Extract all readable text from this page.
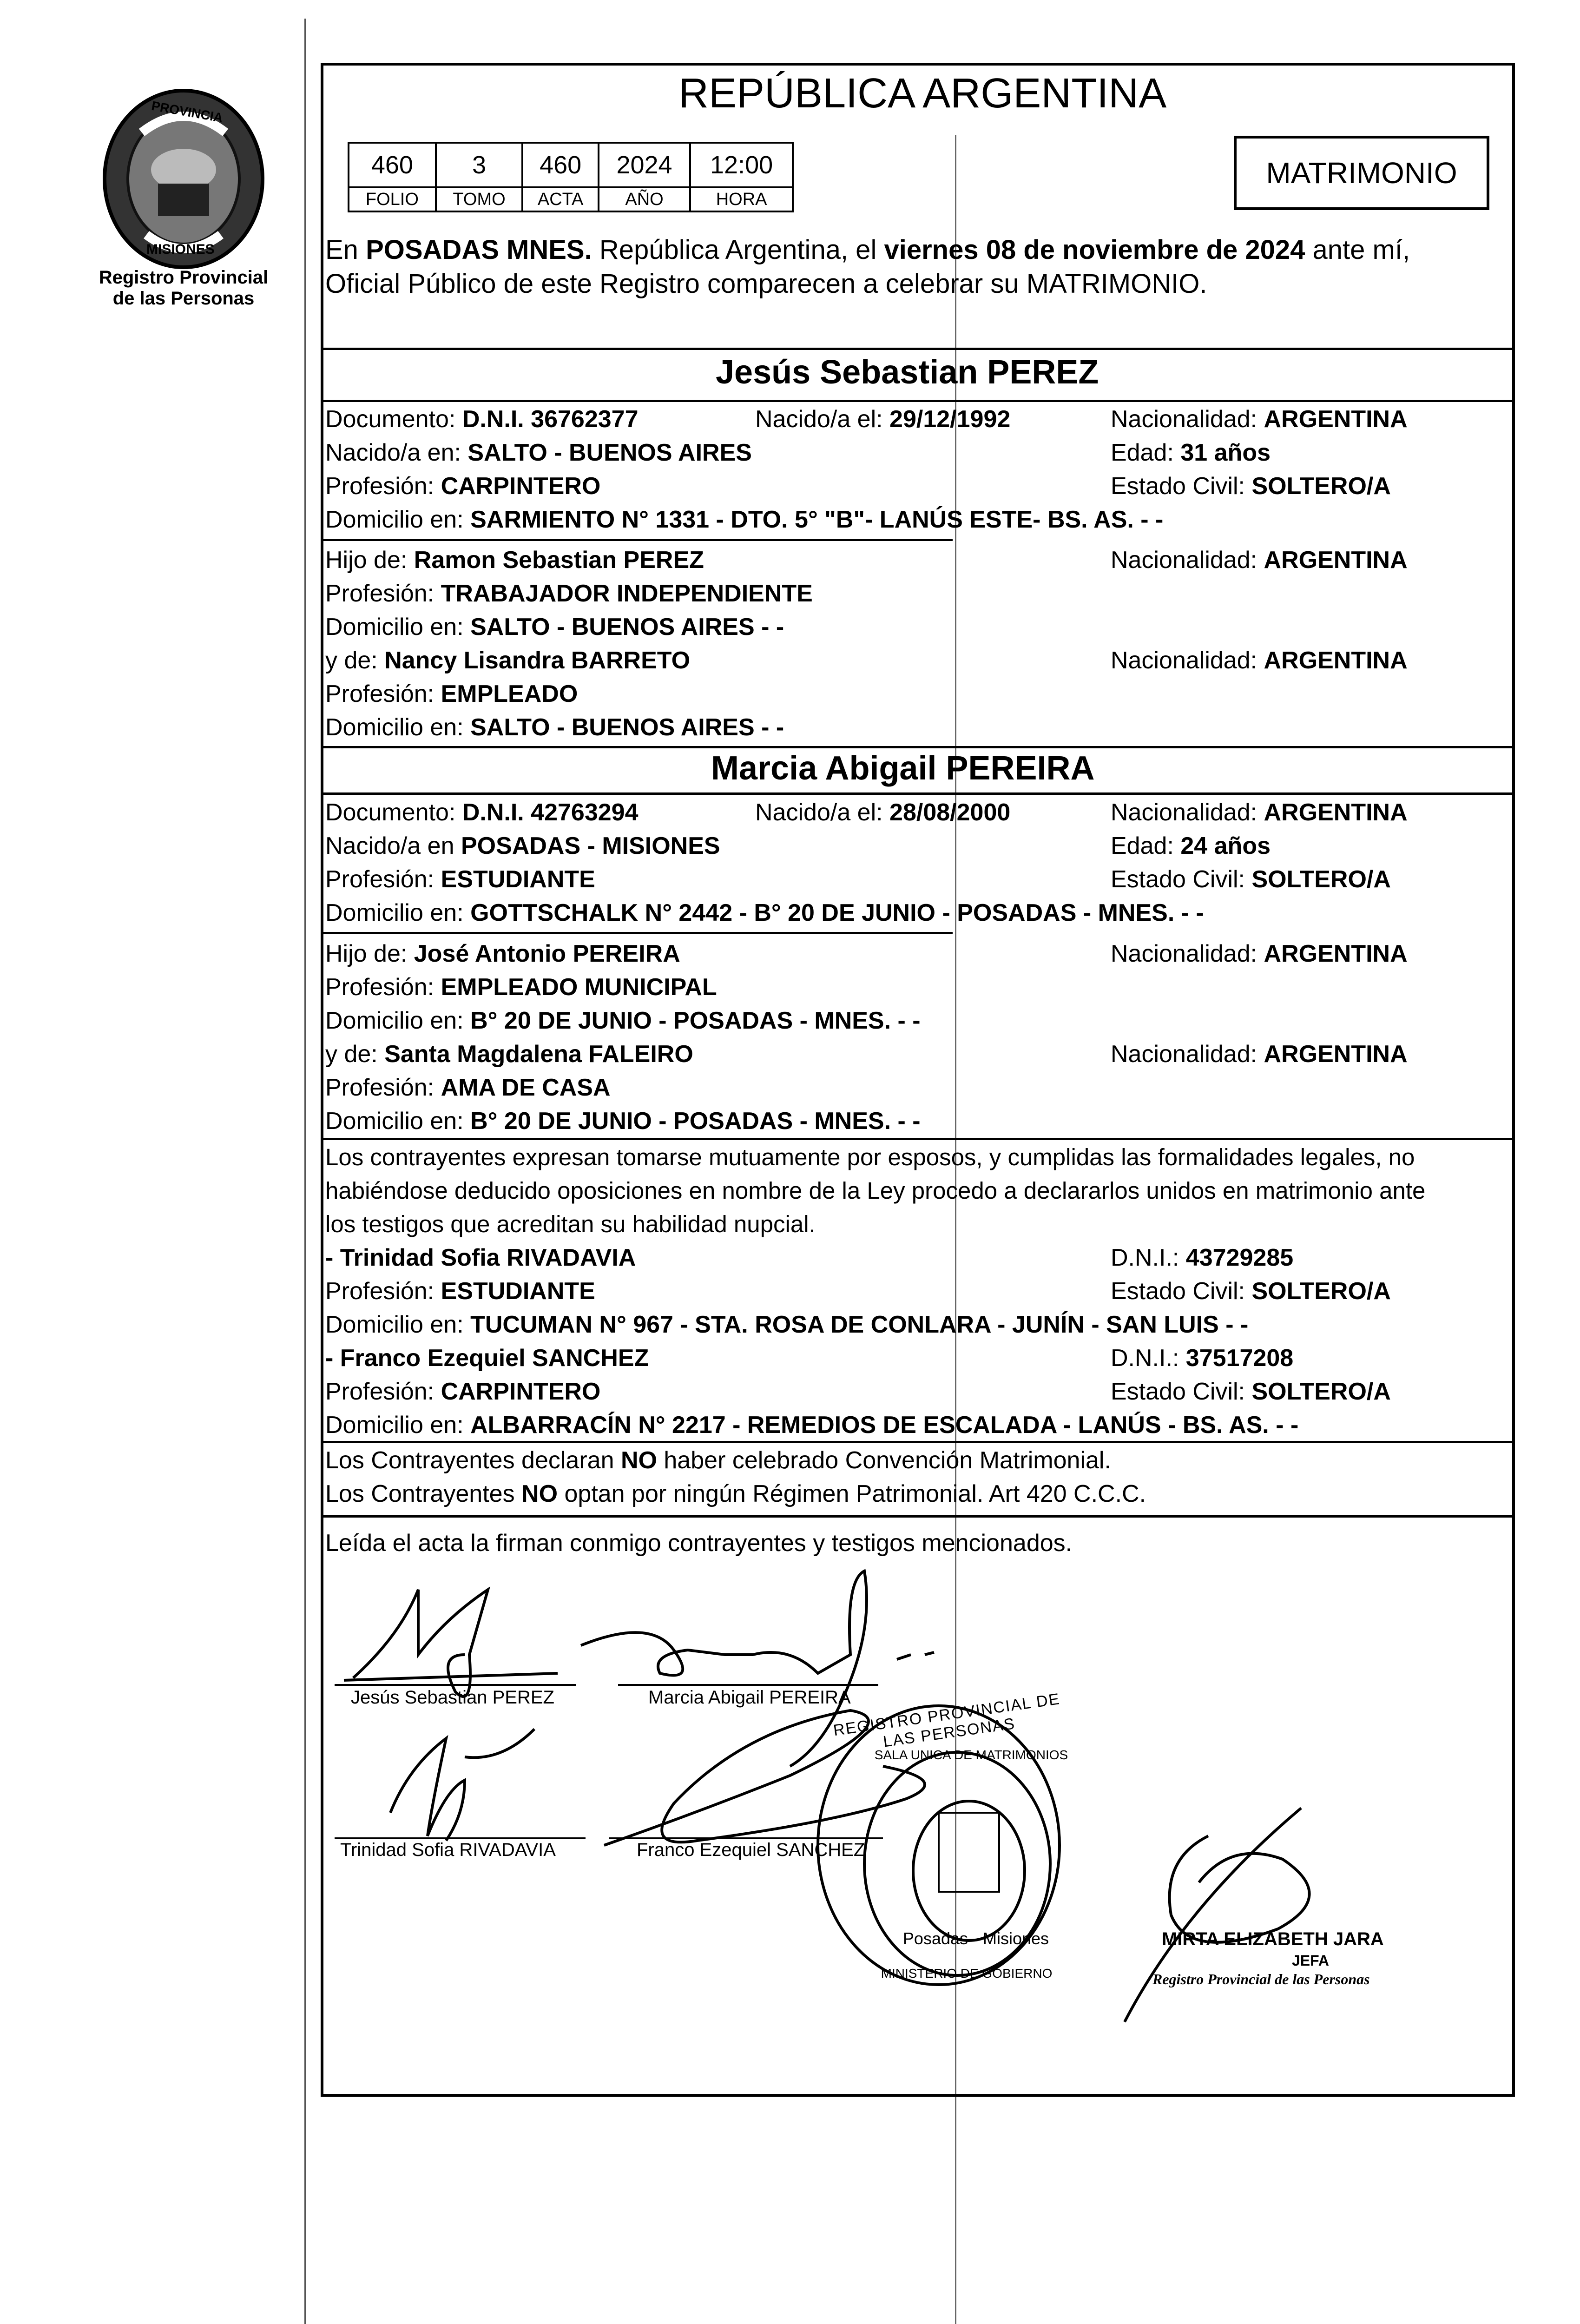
PROVINCIA
MISIONES
Registro Provincial
de las Personas
REPÚBLICA ARGENTINA
460	3	460	2024	12:00
FOLIO	TOMO	ACTA	AÑO	HORA
MATRIMONIO
En POSADAS MNES. República Argentina, el viernes 08 de noviembre de 2024 ante mí,
Oficial Público de este Registro comparecen a celebrar su MATRIMONIO.
Jesús Sebastian PEREZ
Documento: D.N.I. 36762377	Nacido/a el: 29/12/1992	Nacionalidad: ARGENTINA
Nacido/a en: SALTO - BUENOS AIRES	Edad: 31 años
Profesión: CARPINTERO	Estado Civil: SOLTERO/A
Domicilio en: SARMIENTO N° 1331 - DTO. 5° "B"- LANÚS ESTE- BS. AS. - -
Hijo de: Ramon Sebastian PEREZ	Nacionalidad: ARGENTINA
Profesión: TRABAJADOR INDEPENDIENTE
Domicilio en: SALTO - BUENOS AIRES - -
y de: Nancy Lisandra BARRETO	Nacionalidad: ARGENTINA
Profesión: EMPLEADO
Domicilio en: SALTO - BUENOS AIRES - -
Marcia Abigail PEREIRA
Documento: D.N.I. 42763294	Nacido/a el: 28/08/2000	Nacionalidad: ARGENTINA
Nacido/a en POSADAS - MISIONES	Edad: 24 años
Profesión: ESTUDIANTE	Estado Civil: SOLTERO/A
Domicilio en: GOTTSCHALK N° 2442 - B° 20 DE JUNIO - POSADAS - MNES. - -
Hijo de: José Antonio PEREIRA	Nacionalidad: ARGENTINA
Profesión: EMPLEADO MUNICIPAL
Domicilio en: B° 20 DE JUNIO - POSADAS - MNES. - -
y de: Santa Magdalena FALEIRO	Nacionalidad: ARGENTINA
Profesión: AMA DE CASA
Domicilio en: B° 20 DE JUNIO - POSADAS - MNES. - -
Los contrayentes expresan tomarse mutuamente por esposos, y cumplidas las formalidades legales, no
habiéndose deducido oposiciones en nombre de la Ley procedo a declararlos unidos en matrimonio ante
los testigos que acreditan su habilidad nupcial.
- Trinidad Sofia RIVADAVIA	D.N.I.: 43729285
Profesión: ESTUDIANTE	Estado Civil: SOLTERO/A
Domicilio en: TUCUMAN N° 967 - STA. ROSA DE CONLARA - JUNÍN - SAN LUIS - -
- Franco Ezequiel SANCHEZ	D.N.I.: 37517208
Profesión: CARPINTERO	Estado Civil: SOLTERO/A
Domicilio en: ALBARRACÍN N° 2217 - REMEDIOS DE ESCALADA - LANÚS - BS. AS. - -
Los Contrayentes declaran NO haber celebrado Convención Matrimonial.
Los Contrayentes NO optan por ningún Régimen Patrimonial. Art 420 C.C.C.
Leída el acta la firman conmigo contrayentes y testigos mencionados.
Jesús Sebastian PEREZ	Marcia Abigail PEREIRA
Trinidad Sofia RIVADAVIA	Franco Ezequiel SANCHEZ
REGISTRO PROVINCIAL DE LAS PERSONAS
SALA UNICA DE MATRIMONIOS
Posadas - Misiones
MINISTERIO DE GOBIERNO
MIRTA ELIZABETH JARA
JEFA
Registro Provincial de las Personas
